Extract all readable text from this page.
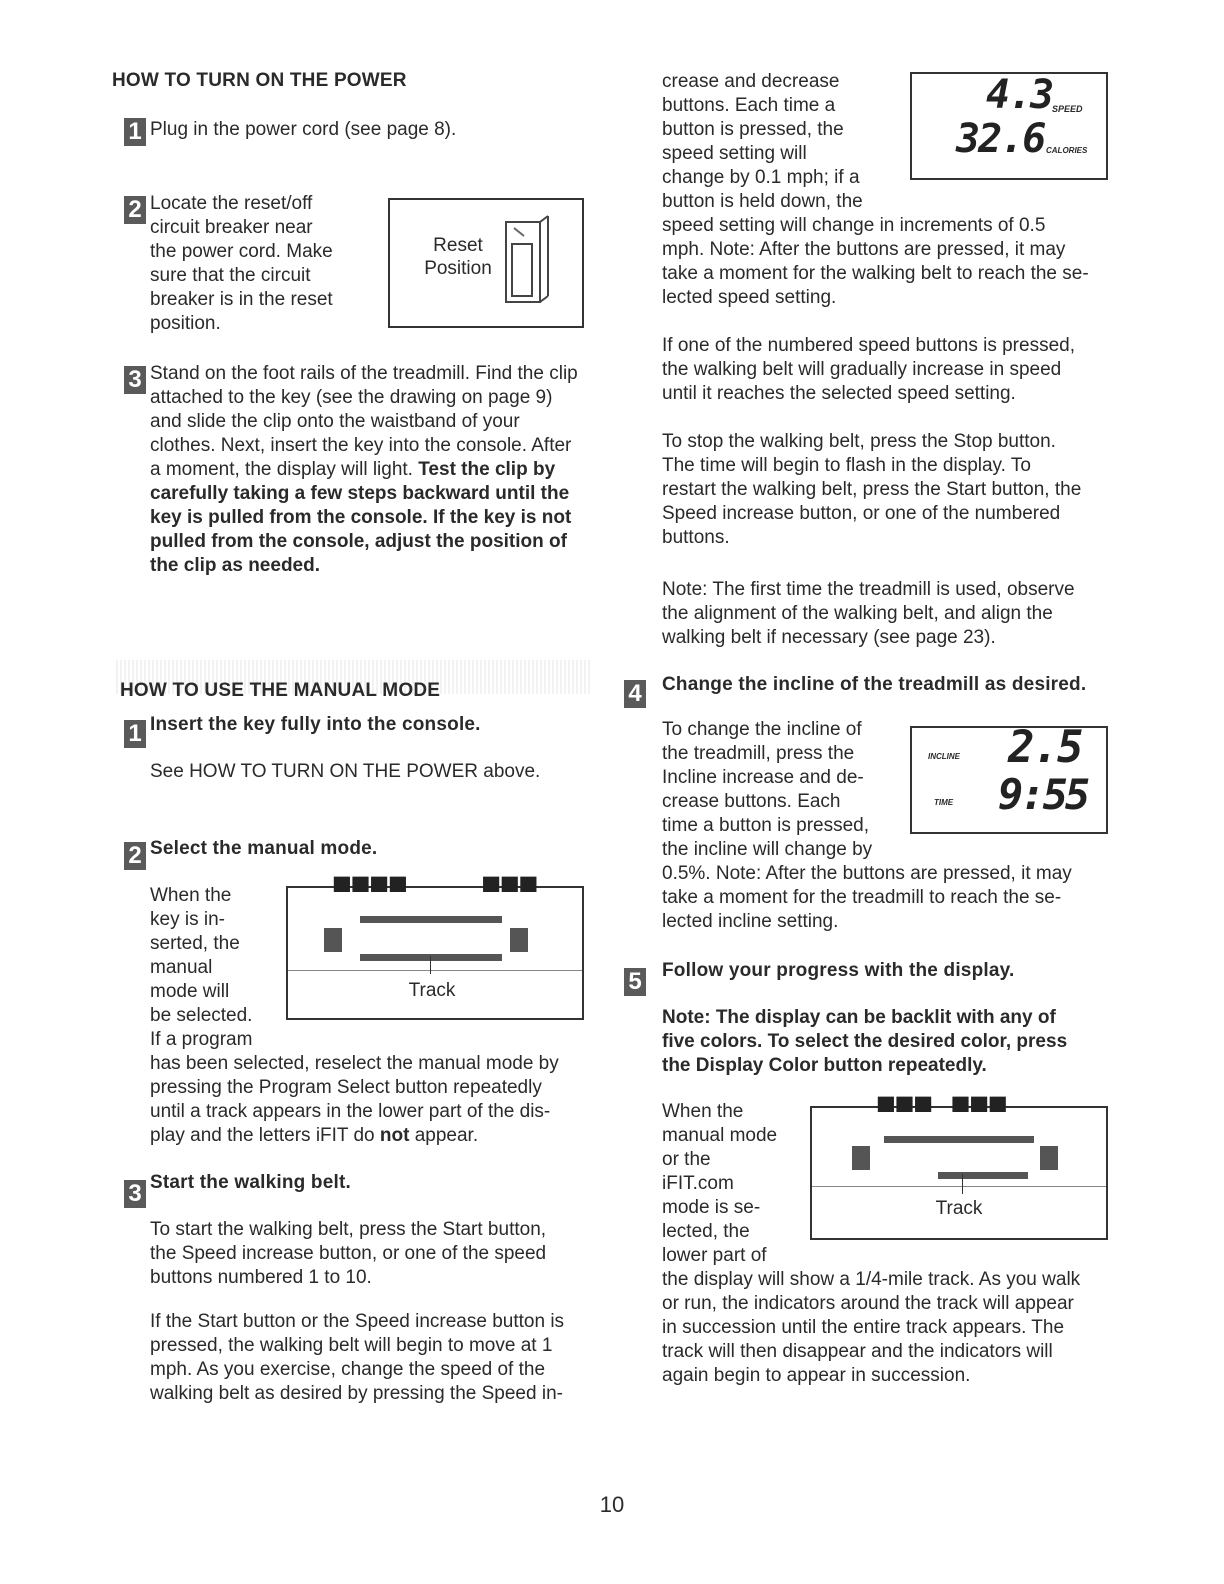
HOW TO TURN ON THE POWER
1 Plug in the power cord (see page 8).
2 Locate the reset/off
circuit breaker near
the power cord. Make
sure that the circuit
breaker is in the reset
position.
Reset
Position
3 Stand on the foot rails of the treadmill. Find the clip
attached to the key (see the drawing on page 9)
and slide the clip onto the waistband of your
clothes. Next, insert the key into the console. After
a moment, the display will light. Test the clip by
carefully taking a few steps backward until the
key is pulled from the console. If the key is not
pulled from the console, adjust the position of
the clip as needed.
HOW TO USE THE MANUAL MODE
1 Insert the key fully into the console.
See HOW TO TURN ON THE POWER above.
2 Select the manual mode.
When the
key is in-
serted, the
manual
mode will
be selected.
If a program
has been selected, reselect the manual mode by
pressing the Program Select button repeatedly
until a track appears in the lower part of the dis-
play and the letters iFIT do not appear.
▀▀▀▀    ▀▀▀
Track
3 Start the walking belt.
To start the walking belt, press the Start button,
the Speed increase button, or one of the speed
buttons numbered 1 to 10.
If the Start button or the Speed increase button is
pressed, the walking belt will begin to move at 1
mph. As you exercise, change the speed of the
walking belt as desired by pressing the Speed in-
crease and decrease
buttons. Each time a
button is pressed, the
speed setting will
change by 0.1 mph; if a
button is held down, the
speed setting will change in increments of 0.5
mph. Note: After the buttons are pressed, it may
take a moment for the walking belt to reach the se-
lected speed setting.
4.3 SPEED
32.6 CALORIES
If one of the numbered speed buttons is pressed,
the walking belt will gradually increase in speed
until it reaches the selected speed setting.
To stop the walking belt, press the Stop button.
The time will begin to flash in the display. To
restart the walking belt, press the Start button, the
Speed increase button, or one of the numbered
buttons.
Note: The first time the treadmill is used, observe
the alignment of the walking belt, and align the
walking belt if necessary (see page 23).
4 Change the incline of the treadmill as desired.
To change the incline of
the treadmill, press the
Incline increase and de-
crease buttons. Each
time a button is pressed,
the incline will change by
0.5%. Note: After the buttons are pressed, it may
take a moment for the treadmill to reach the se-
lected incline setting.
INCLINE 2.5
TIME 9:55
5 Follow your progress with the display.
Note: The display can be backlit with any of
five colors. To select the desired color, press
the Display Color button repeatedly.
When the
manual mode
or the
iFIT.com
mode is se-
lected, the
lower part of
the display will show a 1/4-mile track. As you walk
or run, the indicators around the track will appear
in succession until the entire track appears. The
track will then disappear and the indicators will
again begin to appear in succession.
▀▀▀ ▀▀▀
Track
10
